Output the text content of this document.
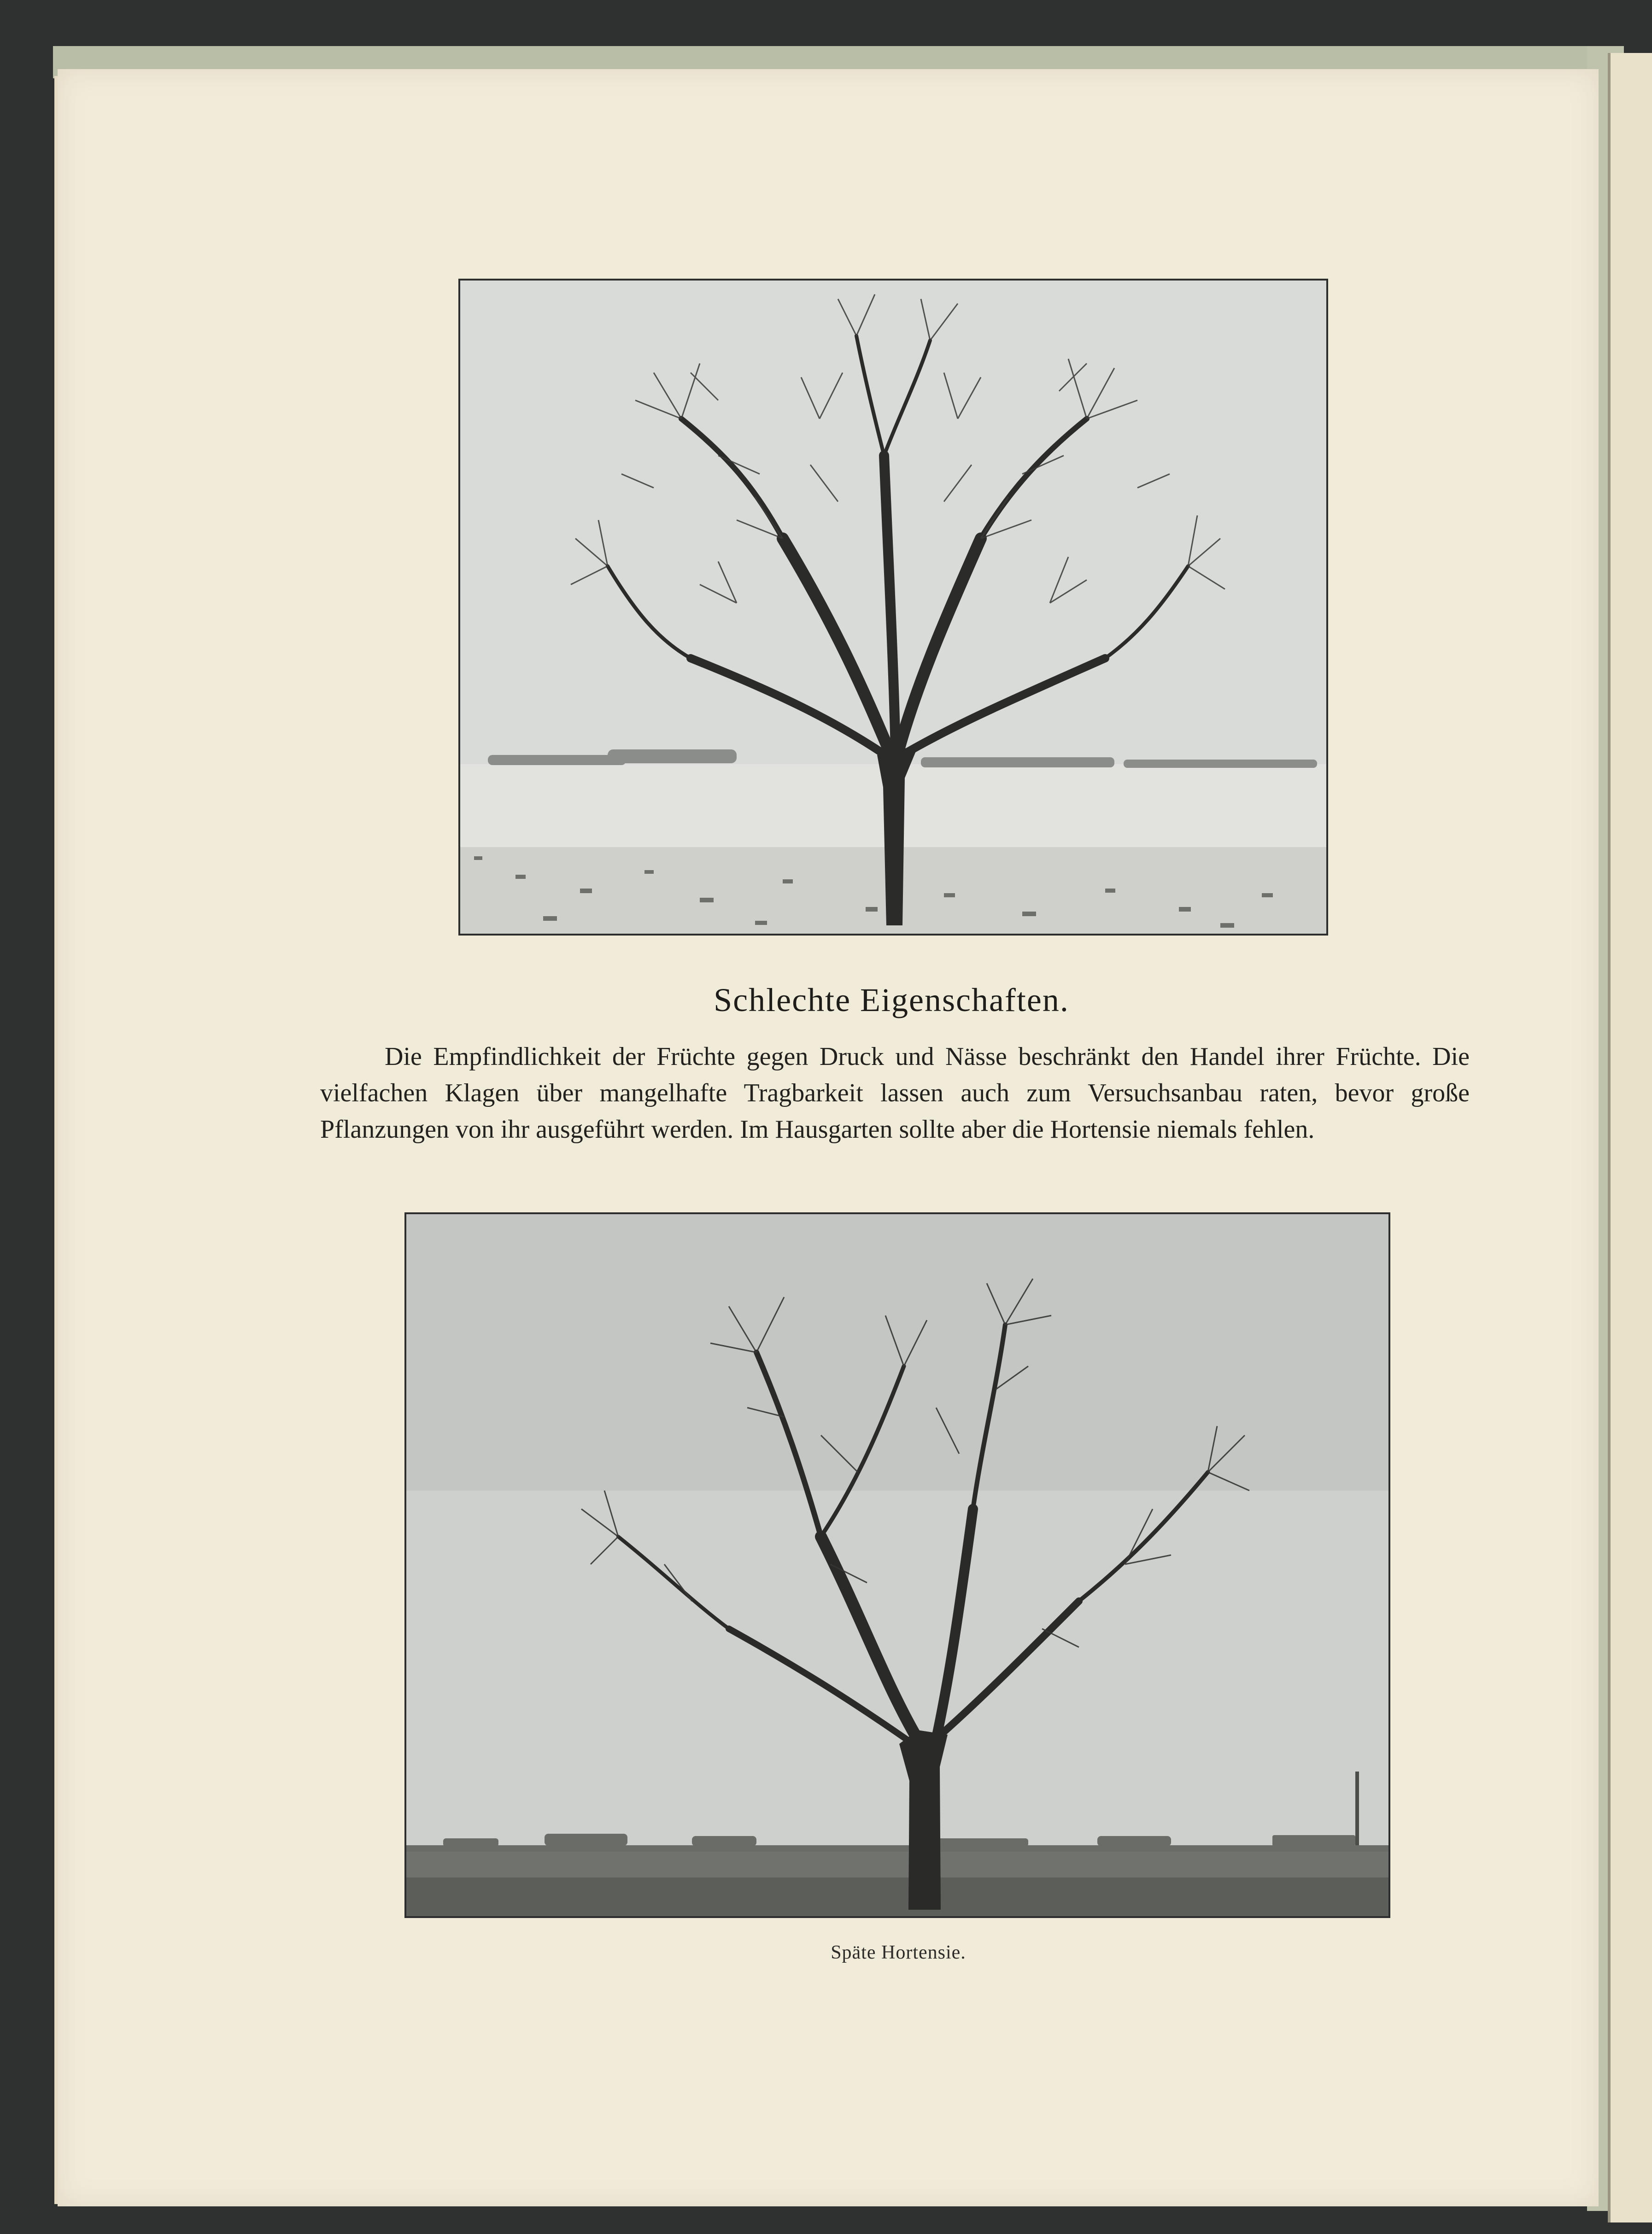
Schlechte Eigenschaften.
Die Empfindlichkeit der Früchte gegen Druck und Nässe beschränkt den Handel ihrer Früchte. Die vielfachen Klagen über mangelhafte Tragbarkeit lassen auch zum Versuchsanbau raten, bevor große Pflanzungen von ihr ausgeführt werden. Im Hausgarten sollte aber die Hortensie niemals fehlen.
Späte Hortensie.
